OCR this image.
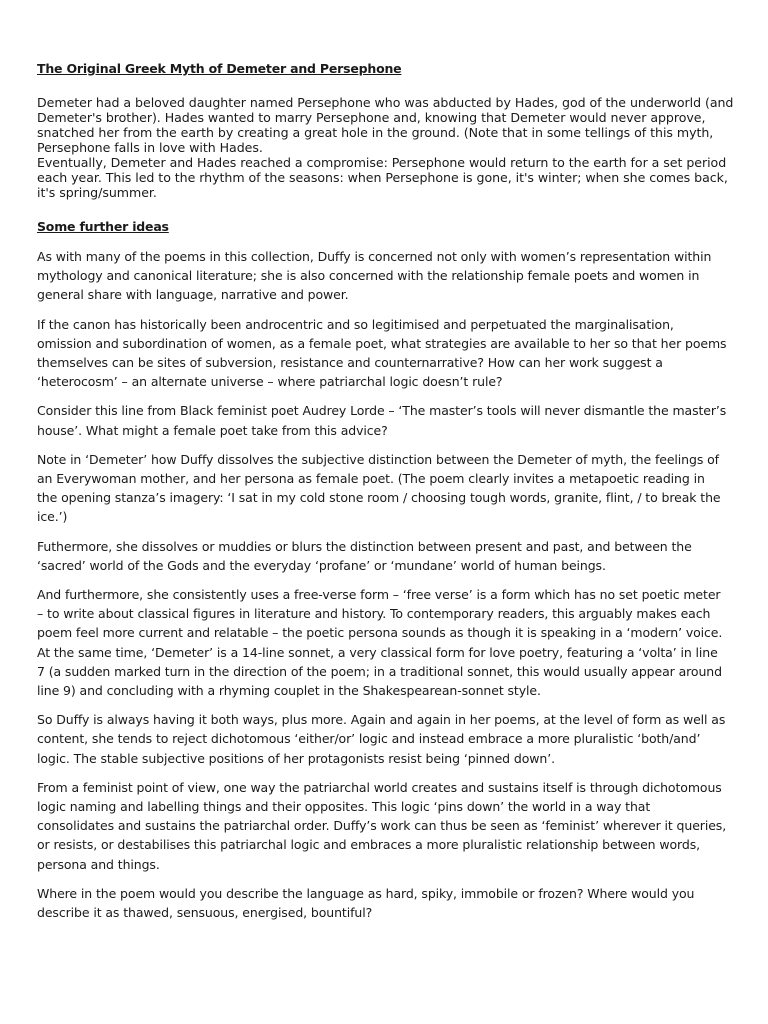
The Original Greek Myth of Demeter and Persephone

Demeter had a beloved daughter named Persephone who was abducted by Hades, god of the underworld (and Demeter's brother). Hades wanted to marry Persephone and, knowing that Demeter would never approve, snatched her from the earth by creating a great hole in the ground. (Note that in some tellings of this myth, Persephone falls in love with Hades.

Eventually, Demeter and Hades reached a compromise: Persephone would return to the earth for a set period each year. This led to the rhythm of the seasons: when Persephone is gone, it's winter; when she comes back, it's spring/summer.

Some further ideas

As with many of the poems in this collection, Duffy is concerned not only with women’s representation within mythology and canonical literature; she is also concerned with the relationship female poets and women in general share with language, narrative and power.

If the canon has historically been androcentric and so legitimised and perpetuated the marginalisation, omission and subordination of women, as a female poet, what strategies are available to her so that her poems themselves can be sites of subversion, resistance and counternarrative? How can her work suggest a ‘heterocosm’ – an alternate universe – where patriarchal logic doesn’t rule?

Consider this line from Black feminist poet Audrey Lorde – ‘The master’s tools will never dismantle the master’s house’. What might a female poet take from this advice?

Note in ‘Demeter’ how Duffy dissolves the subjective distinction between the Demeter of myth, the feelings of an Everywoman mother, and her persona as female poet. (The poem clearly invites a metapoetic reading in the opening stanza’s imagery: ‘I sat in my cold stone room / choosing tough words, granite, flint, / to break the ice.’)

Futhermore, she dissolves or muddies or blurs the distinction between present and past, and between the ‘sacred’ world of the Gods and the everyday ‘profane’ or ‘mundane’ world of human beings.

And furthermore, she consistently uses a free-verse form – ‘free verse’ is a form which has no set poetic meter – to write about classical figures in literature and history. To contemporary readers, this arguably makes each poem feel more current and relatable – the poetic persona sounds as though it is speaking in a ‘modern’ voice. At the same time, ‘Demeter’ is a 14-line sonnet, a very classical form for love poetry, featuring a ‘volta’ in line 7 (a sudden marked turn in the direction of the poem; in a traditional sonnet, this would usually appear around line 9) and concluding with a rhyming couplet in the Shakespearean-sonnet style.

So Duffy is always having it both ways, plus more. Again and again in her poems, at the level of form as well as content, she tends to reject dichotomous ‘either/or’ logic and instead embrace a more pluralistic ‘both/and’ logic. The stable subjective positions of her protagonists resist being ‘pinned down’.

From a feminist point of view, one way the patriarchal world creates and sustains itself is through dichotomous logic naming and labelling things and their opposites. This logic ‘pins down’ the world in a way that consolidates and sustains the patriarchal order. Duffy’s work can thus be seen as ‘feminist’ wherever it queries, or resists, or destabilises this patriarchal logic and embraces a more pluralistic relationship between words, persona and things.

Where in the poem would you describe the language as hard, spiky, immobile or frozen? Where would you describe it as thawed, sensuous, energised, bountiful?
